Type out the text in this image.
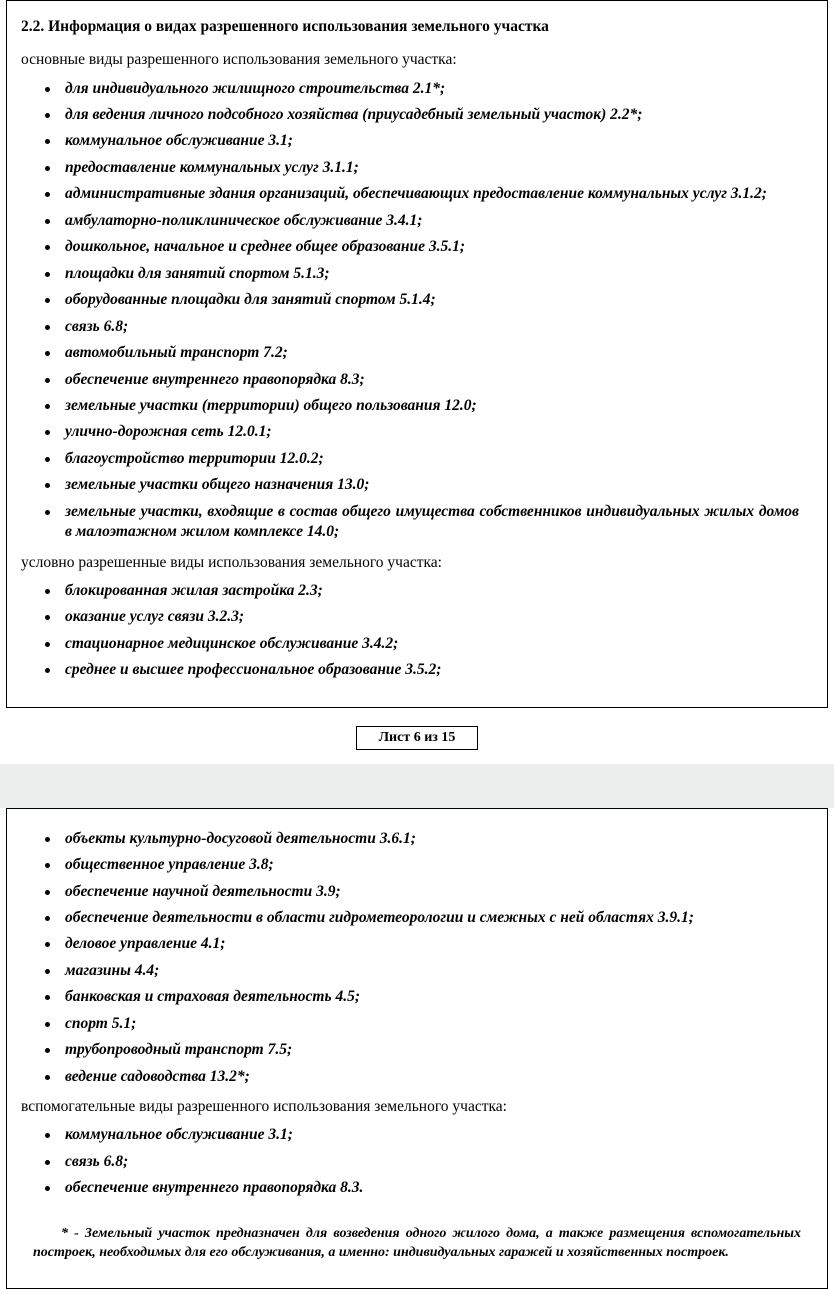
2.2. Информация о видах разрешенного использования земельного участка
основные виды разрешенного использования земельного участка:
для индивидуального жилищного строительства 2.1*;
для ведения личного подсобного хозяйства (приусадебный земельный участок) 2.2*;
коммунальное обслуживание 3.1;
предоставление коммунальных услуг 3.1.1;
административные здания организаций, обеспечивающих предоставление коммунальных услуг 3.1.2;
амбулаторно-поликлиническое обслуживание 3.4.1;
дошкольное, начальное и среднее общее образование 3.5.1;
площадки для занятий спортом 5.1.3;
оборудованные площадки для занятий спортом 5.1.4;
связь 6.8;
автомобильный транспорт 7.2;
обеспечение внутреннего правопорядка 8.3;
земельные участки (территории) общего пользования 12.0;
улично-дорожная сеть 12.0.1;
благоустройство территории 12.0.2;
земельные участки общего назначения 13.0;
земельные участки, входящие в состав общего имущества собственников индивидуальных жилых домов в малоэтажном жилом комплексе 14.0;
условно разрешенные виды использования земельного участка:
блокированная жилая застройка 2.3;
оказание услуг связи 3.2.3;
стационарное медицинское обслуживание 3.4.2;
среднее и высшее профессиональное образование 3.5.2;
Лист 6 из 15
объекты культурно-досуговой деятельности 3.6.1;
общественное управление 3.8;
обеспечение научной деятельности 3.9;
обеспечение деятельности в области гидрометеорологии и смежных с ней областях 3.9.1;
деловое управление 4.1;
магазины 4.4;
банковская и страховая деятельность 4.5;
спорт 5.1;
трубопроводный транспорт 7.5;
ведение садоводства 13.2*;
вспомогательные виды разрешенного использования земельного участка:
коммунальное обслуживание 3.1;
связь 6.8;
обеспечение внутреннего правопорядка 8.3.
* - Земельный участок предназначен для возведения одного жилого дома, а также размещения вспомогательных построек, необходимых для его обслуживания, а именно: индивидуальных гаражей и хозяйственных построек.
